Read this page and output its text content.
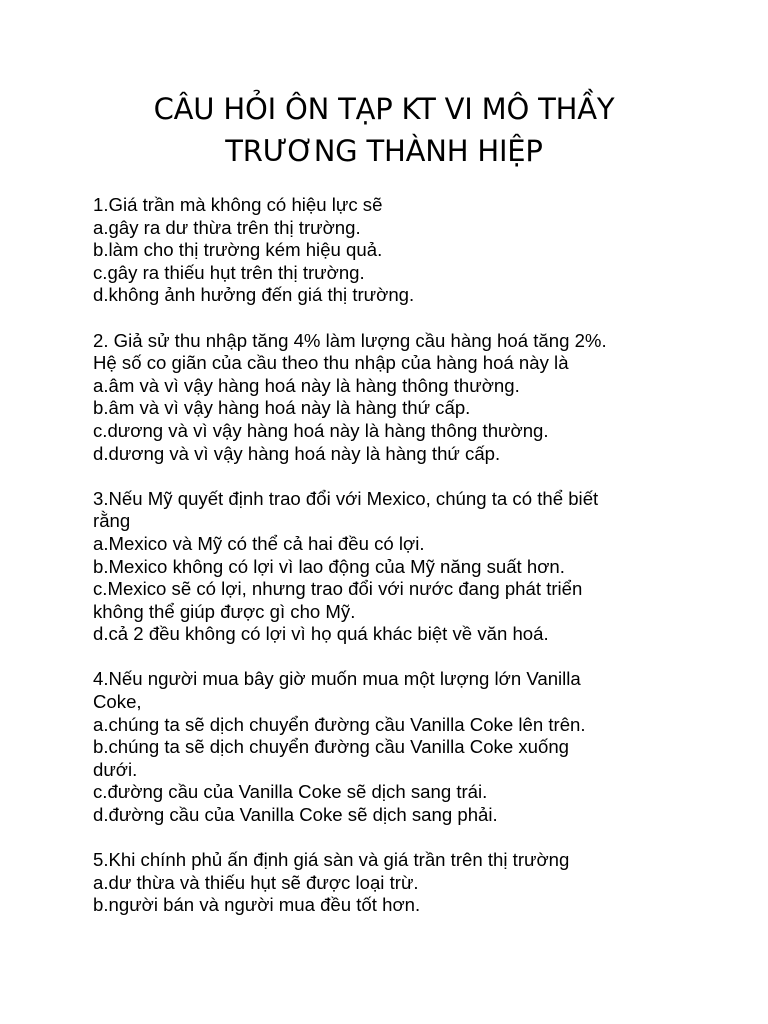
CÂU HỎI ÔN TẠP KT VI MÔ THẦY
TRƯƠNG THÀNH HIỆP
1.Giá trần mà không có hiệu lực sẽ
a.gây ra dư thừa trên thị trường.
b.làm cho thị trường kém hiệu quả.
c.gây ra thiếu hụt trên thị trường.
d.không ảnh hưởng đến giá thị trường.
2. Giả sử thu nhập tăng 4% làm lượng cầu hàng hoá tăng 2%.
Hệ số co giãn của cầu theo thu nhập của hàng hoá này là
a.âm và vì vậy hàng hoá này là hàng thông thường.
b.âm và vì vậy hàng hoá này là hàng thứ cấp.
c.dương và vì vậy hàng hoá này là hàng thông thường.
d.dương và vì vậy hàng hoá này là hàng thứ cấp.
3.Nếu Mỹ quyết định trao đổi với Mexico, chúng ta có thể biết
rằng
a.Mexico và Mỹ có thể cả hai đều có lợi.
b.Mexico không có lợi vì lao động của Mỹ năng suất hơn.
c.Mexico sẽ có lợi, nhưng trao đổi với nước đang phát triển
không thể giúp được gì cho Mỹ.
d.cả 2 đều không có lợi vì họ quá khác biệt về văn hoá.
4.Nếu người mua bây giờ muốn mua một lượng lớn Vanilla
Coke,
a.chúng ta sẽ dịch chuyển đường cầu Vanilla Coke lên trên.
b.chúng ta sẽ dịch chuyển đường cầu Vanilla Coke xuống
dưới.
c.đường cầu của Vanilla Coke sẽ dịch sang trái.
d.đường cầu của Vanilla Coke sẽ dịch sang phải.
5.Khi chính phủ ấn định giá sàn và giá trần trên thị trường
a.dư thừa và thiếu hụt sẽ được loại trừ.
b.người bán và người mua đều tốt hơn.
